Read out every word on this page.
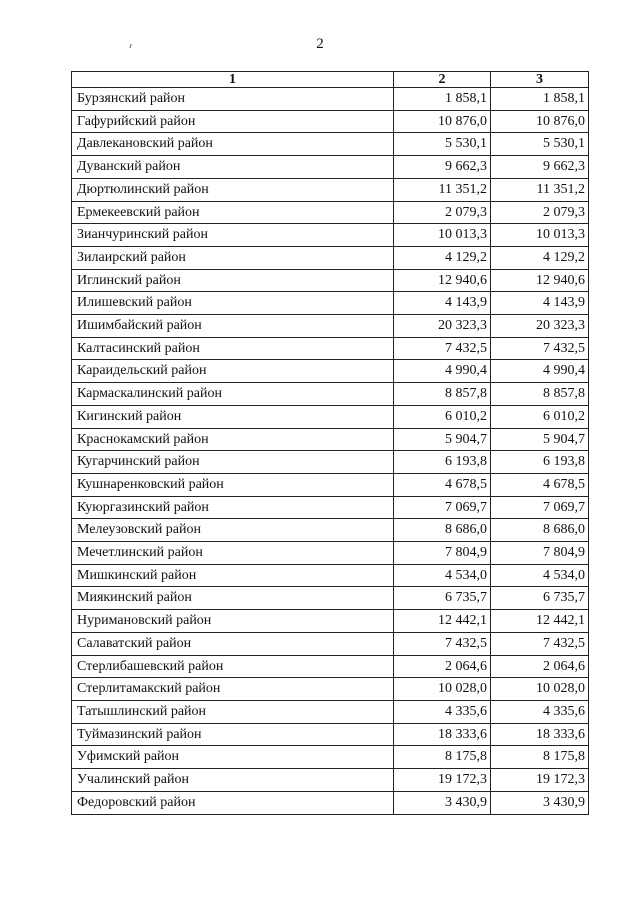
2
1	2	3
Бурзянский район	1 858,1	1 858,1
Гафурийский район	10 876,0	10 876,0
Давлекановский район	5 530,1	5 530,1
Дуванский район	9 662,3	9 662,3
Дюртюлинский район	11 351,2	11 351,2
Ермекеевский район	2 079,3	2 079,3
Зианчуринский район	10 013,3	10 013,3
Зилаирский район	4 129,2	4 129,2
Иглинский район	12 940,6	12 940,6
Илишевский район	4 143,9	4 143,9
Ишимбайский район	20 323,3	20 323,3
Калтасинский район	7 432,5	7 432,5
Караидельский район	4 990,4	4 990,4
Кармаскалинский район	8 857,8	8 857,8
Кигинский район	6 010,2	6 010,2
Краснокамский район	5 904,7	5 904,7
Кугарчинский район	6 193,8	6 193,8
Кушнаренковский район	4 678,5	4 678,5
Куюргазинский район	7 069,7	7 069,7
Мелеузовский район	8 686,0	8 686,0
Мечетлинский район	7 804,9	7 804,9
Мишкинский район	4 534,0	4 534,0
Миякинский район	6 735,7	6 735,7
Нуримановский район	12 442,1	12 442,1
Салаватский район	7 432,5	7 432,5
Стерлибашевский район	2 064,6	2 064,6
Стерлитамакский район	10 028,0	10 028,0
Татышлинский район	4 335,6	4 335,6
Туймазинский район	18 333,6	18 333,6
Уфимский район	8 175,8	8 175,8
Учалинский район	19 172,3	19 172,3
Федоровский район	3 430,9	3 430,9
